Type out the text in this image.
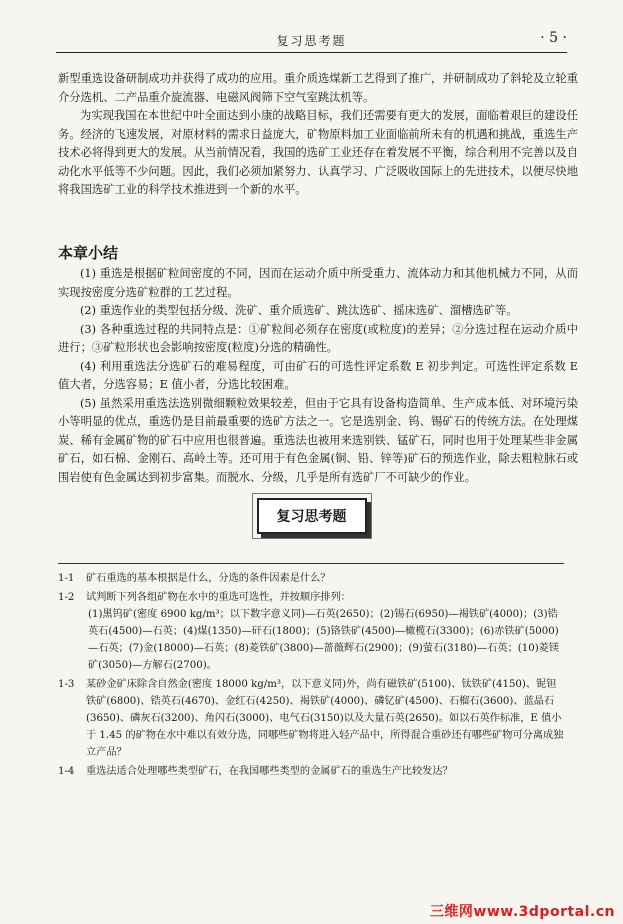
复习思考题	· 5 ·

新型重选设备研制成功并获得了成功的应用。重介质选煤新工艺得到了推广，并研制成功了斜轮及立轮重介分选机、二产品重介旋流器、电磁风阀筛下空气室跳汰机等。

为实现我国在本世纪中叶全面达到小康的战略目标，我们还需要有更大的发展，面临着艰巨的建设任务。经济的飞速发展，对原材料的需求日益庞大，矿物原料加工业面临前所未有的机遇和挑战，重选生产技术必将得到更大的发展。从当前情况看，我国的选矿工业还存在着发展不平衡，综合利用不完善以及自动化水平低等不少问题。因此，我们必须加紧努力、认真学习、广泛吸收国际上的先进技术，以便尽快地将我国选矿工业的科学技术推进到一个新的水平。

本章小结

(1) 重选是根据矿粒间密度的不同，因而在运动介质中所受重力、流体动力和其他机械力不同，从而实现按密度分选矿粒群的工艺过程。

(2) 重选作业的类型包括分级、洗矿、重介质选矿、跳汰选矿、摇床选矿、溜槽选矿等。

(3) 各种重选过程的共同特点是：①矿粒间必须存在密度(或粒度)的差异；②分选过程在运动介质中进行；③矿粒形状也会影响按密度(粒度)分选的精确性。

(4) 利用重选法分选矿石的难易程度，可由矿石的可选性评定系数 E 初步判定。可选性评定系数 E 值大者，分选容易；E 值小者，分选比较困难。

(5) 虽然采用重选法选别微细颗粒效果较差，但由于它具有设备构造简单、生产成本低、对环境污染小等明显的优点，重选仍是目前最重要的选矿方法之一。它是选别金、钨、锡矿石的传统方法。在处理煤炭、稀有金属矿物的矿石中应用也很普遍。重选法也被用来选别铁、锰矿石，同时也用于处理某些非金属矿石，如石棉、金刚石、高岭土等。还可用于有色金属(铜、铅、锌等)矿石的预选作业，除去粗粒脉石或围岩使有色金属达到初步富集。而脱水、分级，几乎是所有选矿厂不可缺少的作业。

复习思考题
1-1 矿石重选的基本根据是什么，分选的条件因素是什么？
1-2 试判断下列各组矿物在水中的重选可选性，并按顺序排列：
(1)黑钨矿(密度 6900 kg/m³；以下数字意义同)—石英(2650)；(2)锡石(6950)—褐铁矿(4000)；(3)锆英石(4500)—石英；(4)煤(1350)—矸石(1800)；(5)铬铁矿(4500)—橄榄石(3300)；(6)赤铁矿(5000)—石英；(7)金(18000)—石英；(8)菱铁矿(3800)—蔷薇辉石(2900)；(9)萤石(3180)—石英；(10)菱镁矿(3050)—方解石(2700)。
1-3 某砂金矿床除含自然金(密度 18000 kg/m³，以下意义同)外，尚有磁铁矿(5100)、钛铁矿(4150)、铌钽铁矿(6800)、锆英石(4670)、金红石(4250)、褐铁矿(4000)、磷钇矿(4500)、石榴石(3600)、蓝晶石(3650)、磷灰石(3200)、角闪石(3000)、电气石(3150)以及大量石英(2650)。如以石英作标准，E 值小于 1.45 的矿物在水中难以有效分选，同哪些矿物将进入轻产品中，所得混合重砂还有哪些矿物可分离成独立产品？
1-4 重选法适合处理哪些类型矿石，在我国哪些类型的金属矿石的重选生产比较发达？
三维网www.3dportal.cn
